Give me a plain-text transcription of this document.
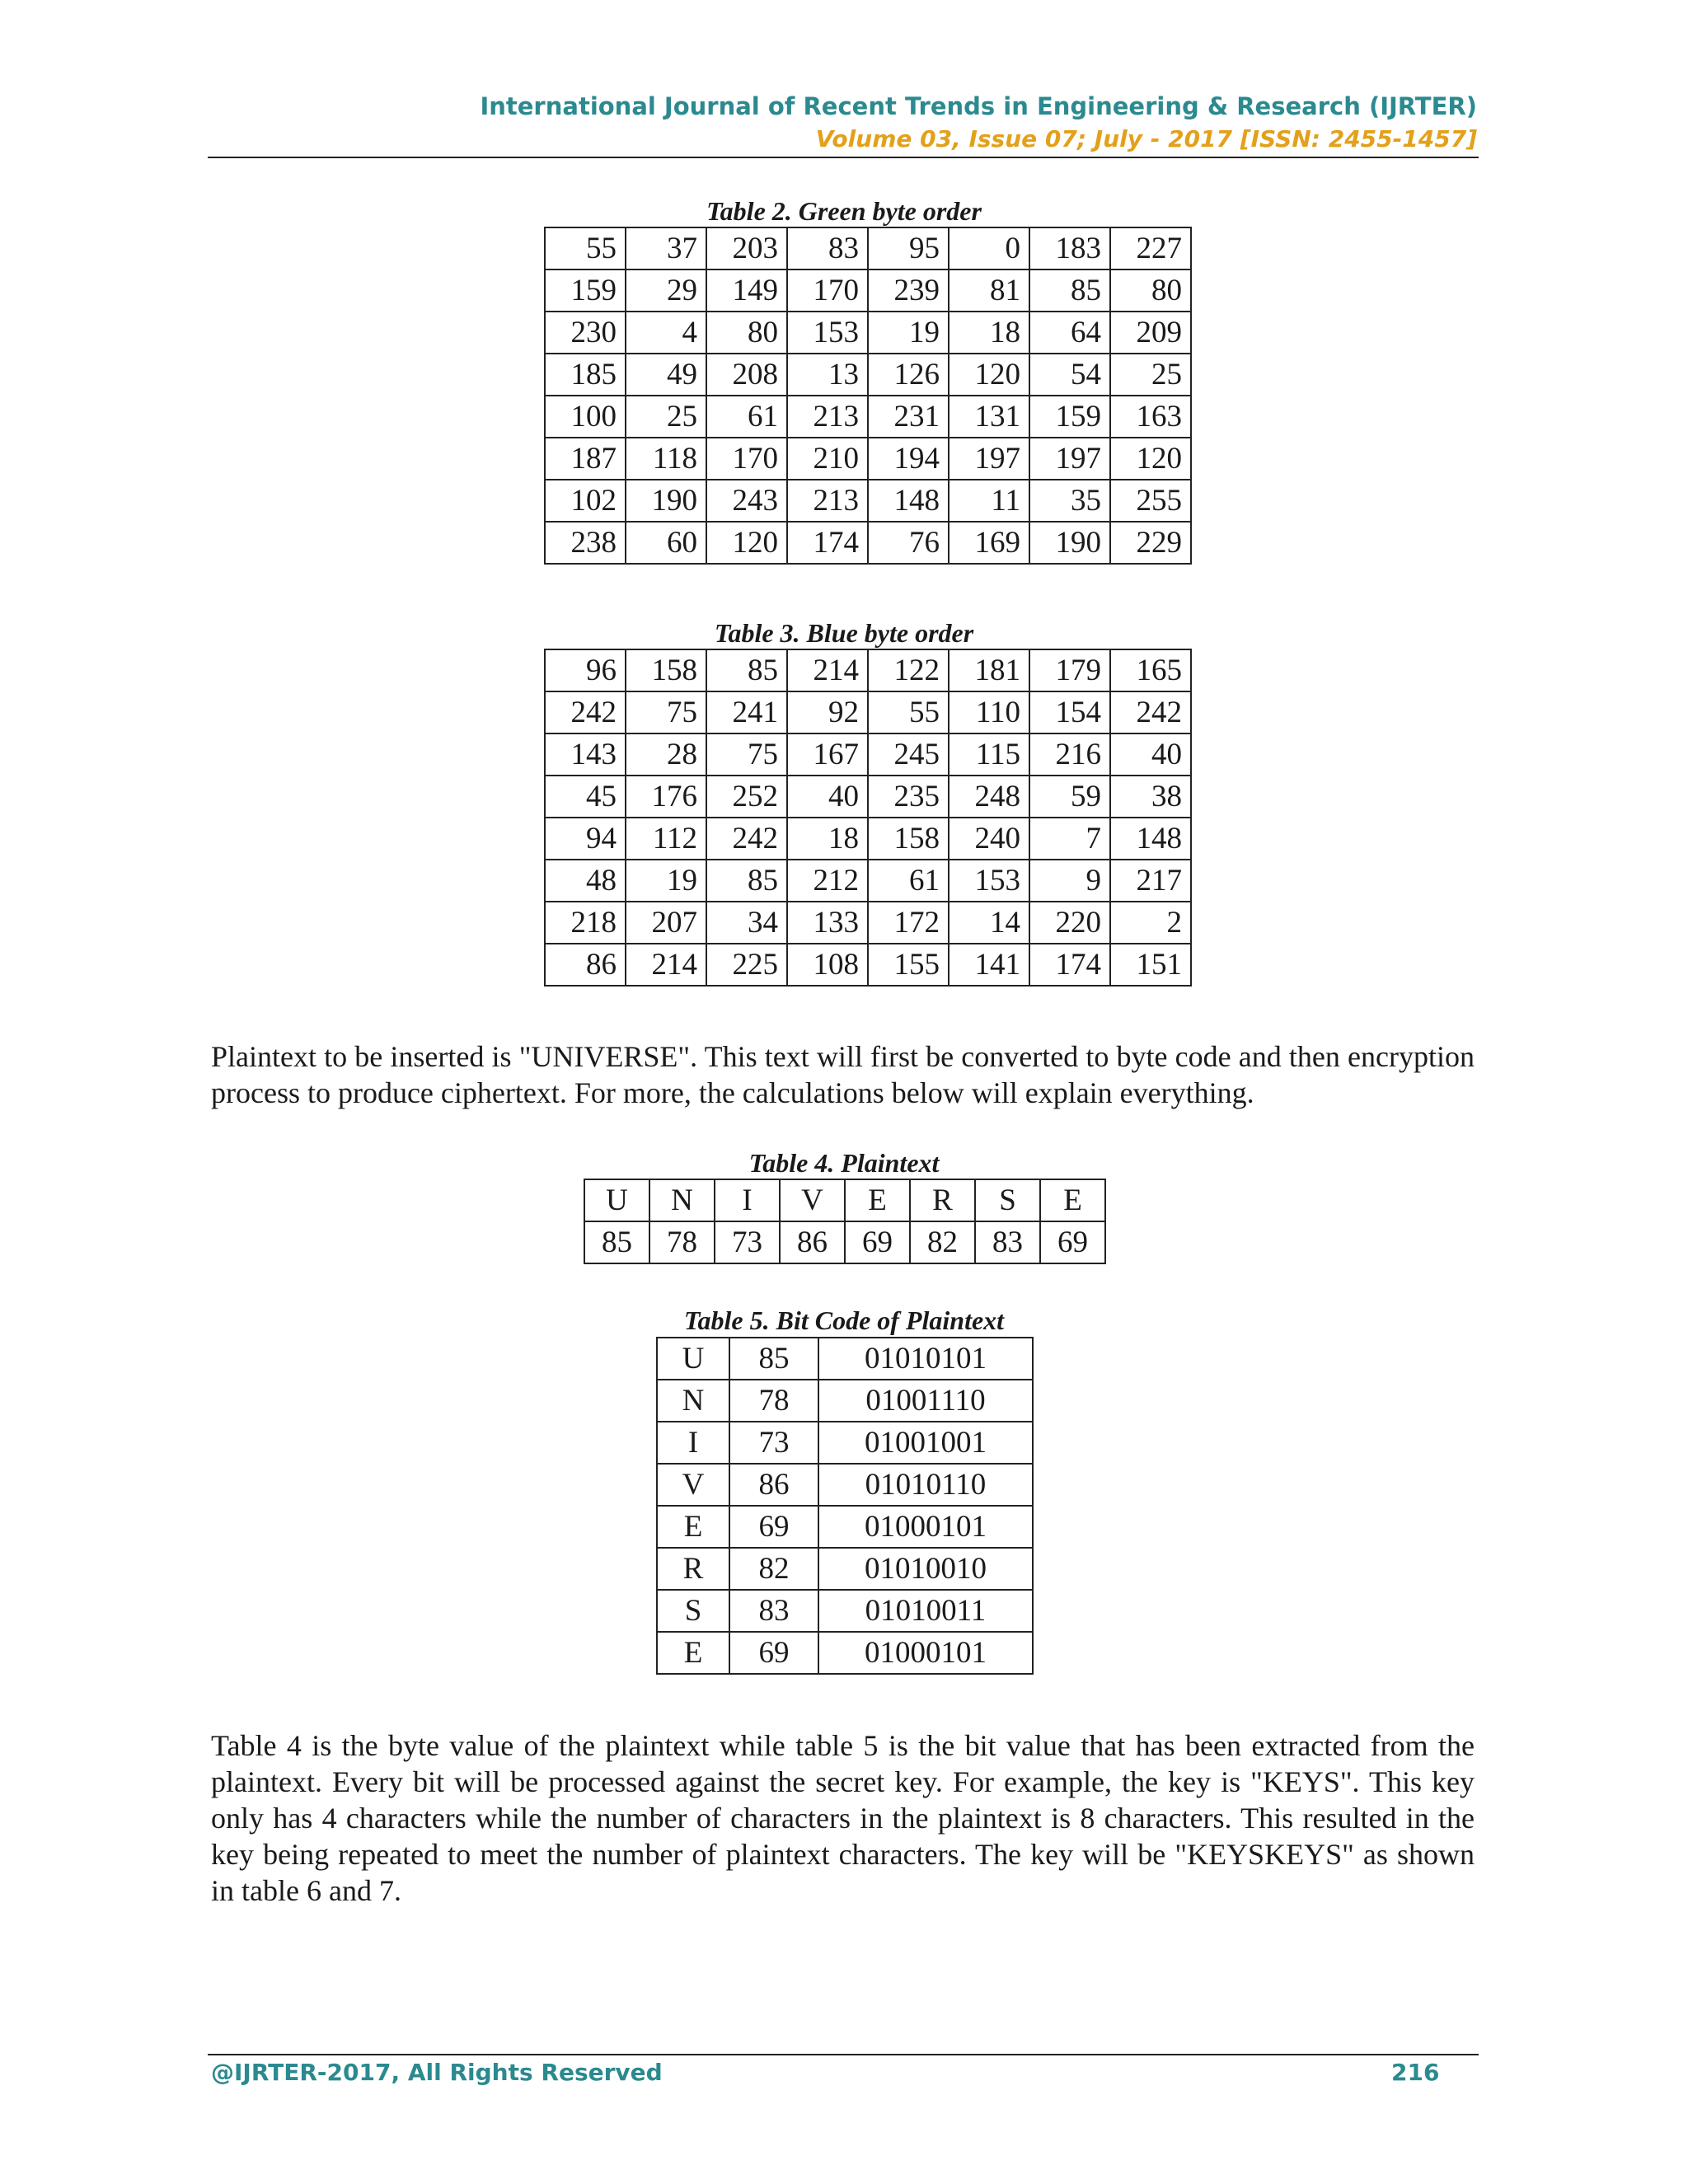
International Journal of Recent Trends in Engineering & Research (IJRTER)
Volume 03, Issue 07; July - 2017 [ISSN: 2455-1457]
Table 2. Green byte order
55	37	203	83	95	0	183	227
159	29	149	170	239	81	85	80
230	4	80	153	19	18	64	209
185	49	208	13	126	120	54	25
100	25	61	213	231	131	159	163
187	118	170	210	194	197	197	120
102	190	243	213	148	11	35	255
238	60	120	174	76	169	190	229
Table 3. Blue byte order
96	158	85	214	122	181	179	165
242	75	241	92	55	110	154	242
143	28	75	167	245	115	216	40
45	176	252	40	235	248	59	38
94	112	242	18	158	240	7	148
48	19	85	212	61	153	9	217
218	207	34	133	172	14	220	2
86	214	225	108	155	141	174	151
Plaintext to be inserted is "UNIVERSE". This text will first be converted to byte code and then encryption process to produce ciphertext. For more, the calculations below will explain everything.
Table 4. Plaintext
U	N	I	V	E	R	S	E
85	78	73	86	69	82	83	69
Table 5. Bit Code of Plaintext
U	85	01010101
N	78	01001110
I	73	01001001
V	86	01010110
E	69	01000101
R	82	01010010
S	83	01010011
E	69	01000101
Table 4 is the byte value of the plaintext while table 5 is the bit value that has been extracted from the plaintext. Every bit will be processed against the secret key. For example, the key is "KEYS". This key only has 4 characters while the number of characters in the plaintext is 8 characters. This resulted in the key being repeated to meet the number of plaintext characters. The key will be "KEYSKEYS" as shown in table 6 and 7.
@IJRTER-2017, All Rights Reserved	216
